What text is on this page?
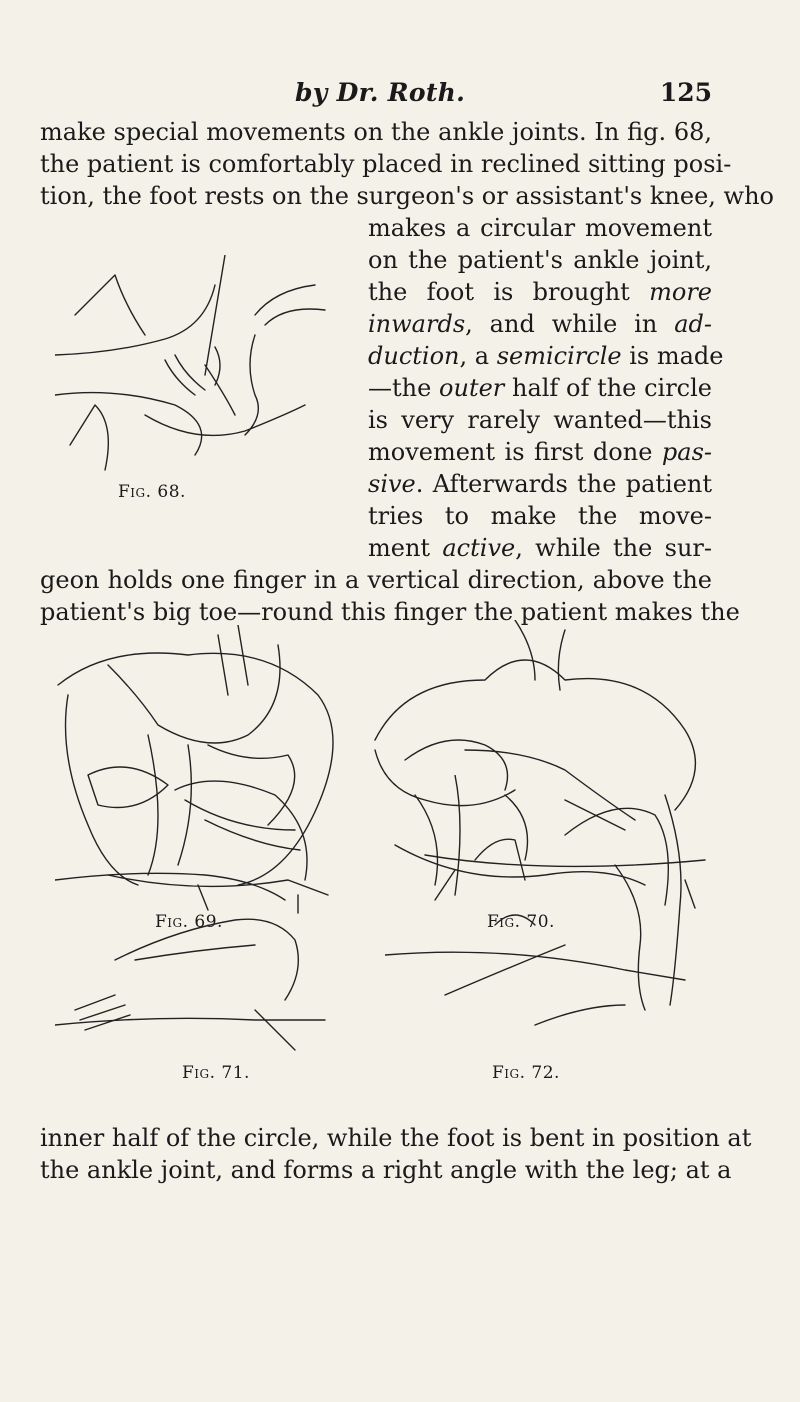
by Dr. Roth.	125
make special movements on the ankle joints. In fig. 68,
the patient is comfortably placed in reclined sitting posi-
tion, the foot rests on the surgeon's or assistant's knee, who
makes a circular movement
on the patient's ankle joint,
the foot is brought more
inwards, and while in ad-
duction, a semicircle is made
—the outer half of the circle
is very rarely wanted—this
movement is first done pas-
sive. Afterwards the patient
tries to make the move-
ment active, while the sur-
geon holds one finger in a vertical direction, above the
patient's big toe—round this finger the patient makes the
Fig. 68.
Fig. 69.	Fig. 70.
Fig. 71.	Fig. 72.
inner half of the circle, while the foot is bent in position at
the ankle joint, and forms a right angle with the leg; at a
